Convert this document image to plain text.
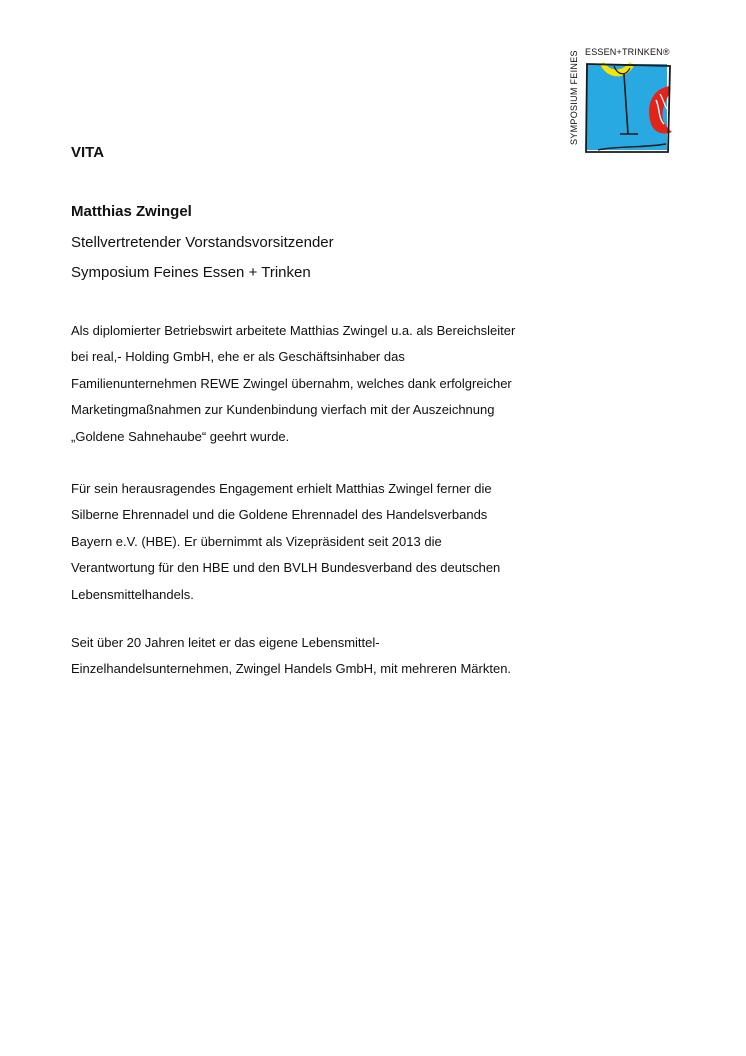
SYMPOSIUM FEINES ESSEN+TRINKEN®
VITA
Matthias Zwingel

Stellvertretender Vorstandsvorsitzender

Symposium Feines Essen + Trinken

Als diplomierter Betriebswirt arbeitete Matthias Zwingel u.a. als Bereichsleiter
bei real,- Holding GmbH, ehe er als Geschäftsinhaber das
Familienunternehmen REWE Zwingel übernahm, welches dank erfolgreicher
Marketingmaßnahmen zur Kundenbindung vierfach mit der Auszeichnung
„Goldene Sahnehaube“ geehrt wurde.

Für sein herausragendes Engagement erhielt Matthias Zwingel ferner die
Silberne Ehrennadel und die Goldene Ehrennadel des Handelsverbands
Bayern e.V. (HBE). Er übernimmt als Vizepräsident seit 2013 die
Verantwortung für den HBE und den BVLH Bundesverband des deutschen
Lebensmittelhandels.

Seit über 20 Jahren leitet er das eigene Lebensmittel-
Einzelhandelsunternehmen, Zwingel Handels GmbH, mit mehreren Märkten.
